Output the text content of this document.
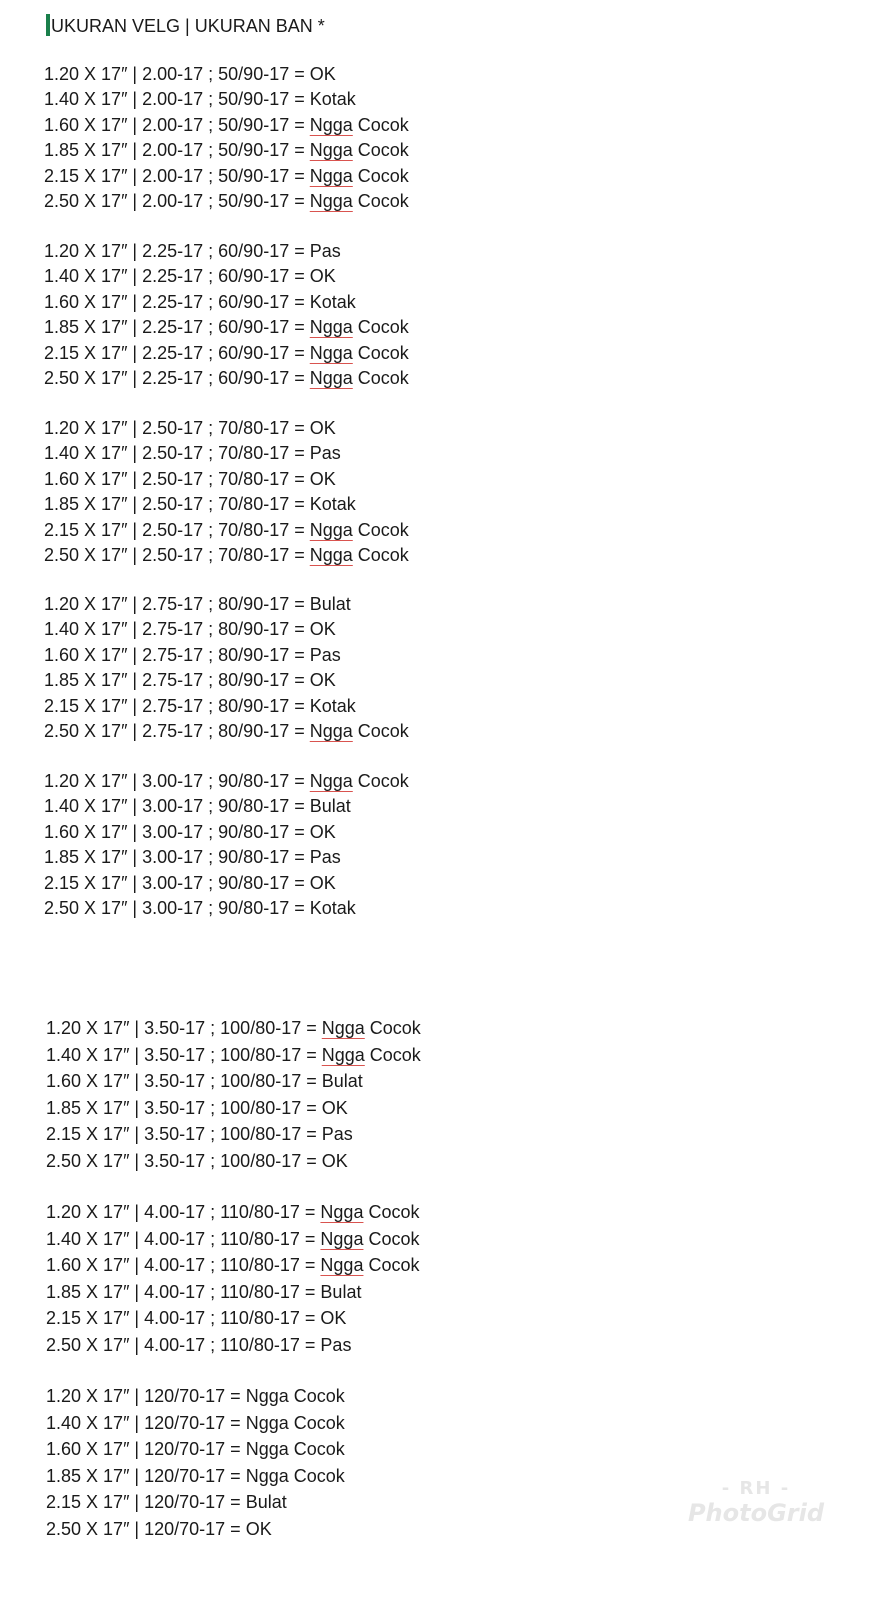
UKURAN VELG | UKURAN BAN *
1.20 X 17″ | 2.00-17 ; 50/90-17 = OK
1.40 X 17″ | 2.00-17 ; 50/90-17 = Kotak
1.60 X 17″ | 2.00-17 ; 50/90-17 = Ngga Cocok
1.85 X 17″ | 2.00-17 ; 50/90-17 = Ngga Cocok
2.15 X 17″ | 2.00-17 ; 50/90-17 = Ngga Cocok
2.50 X 17″ | 2.00-17 ; 50/90-17 = Ngga Cocok
1.20 X 17″ | 2.25-17 ; 60/90-17 = Pas
1.40 X 17″ | 2.25-17 ; 60/90-17 = OK
1.60 X 17″ | 2.25-17 ; 60/90-17 = Kotak
1.85 X 17″ | 2.25-17 ; 60/90-17 = Ngga Cocok
2.15 X 17″ | 2.25-17 ; 60/90-17 = Ngga Cocok
2.50 X 17″ | 2.25-17 ; 60/90-17 = Ngga Cocok
1.20 X 17″ | 2.50-17 ; 70/80-17 = OK
1.40 X 17″ | 2.50-17 ; 70/80-17 = Pas
1.60 X 17″ | 2.50-17 ; 70/80-17 = OK
1.85 X 17″ | 2.50-17 ; 70/80-17 = Kotak
2.15 X 17″ | 2.50-17 ; 70/80-17 = Ngga Cocok
2.50 X 17″ | 2.50-17 ; 70/80-17 = Ngga Cocok
1.20 X 17″ | 2.75-17 ; 80/90-17 = Bulat
1.40 X 17″ | 2.75-17 ; 80/90-17 = OK
1.60 X 17″ | 2.75-17 ; 80/90-17 = Pas
1.85 X 17″ | 2.75-17 ; 80/90-17 = OK
2.15 X 17″ | 2.75-17 ; 80/90-17 = Kotak
2.50 X 17″ | 2.75-17 ; 80/90-17 = Ngga Cocok
1.20 X 17″ | 3.00-17 ; 90/80-17 = Ngga Cocok
1.40 X 17″ | 3.00-17 ; 90/80-17 = Bulat
1.60 X 17″ | 3.00-17 ; 90/80-17 = OK
1.85 X 17″ | 3.00-17 ; 90/80-17 = Pas
2.15 X 17″ | 3.00-17 ; 90/80-17 = OK
2.50 X 17″ | 3.00-17 ; 90/80-17 = Kotak
1.20 X 17″ | 3.50-17 ; 100/80-17 = Ngga Cocok
1.40 X 17″ | 3.50-17 ; 100/80-17 = Ngga Cocok
1.60 X 17″ | 3.50-17 ; 100/80-17 = Bulat
1.85 X 17″ | 3.50-17 ; 100/80-17 = OK
2.15 X 17″ | 3.50-17 ; 100/80-17 = Pas
2.50 X 17″ | 3.50-17 ; 100/80-17 = OK
1.20 X 17″ | 4.00-17 ; 110/80-17 = Ngga Cocok
1.40 X 17″ | 4.00-17 ; 110/80-17 = Ngga Cocok
1.60 X 17″ | 4.00-17 ; 110/80-17 = Ngga Cocok
1.85 X 17″ | 4.00-17 ; 110/80-17 = Bulat
2.15 X 17″ | 4.00-17 ; 110/80-17 = OK
2.50 X 17″ | 4.00-17 ; 110/80-17 = Pas
1.20 X 17″ | 120/70-17 = Ngga Cocok
1.40 X 17″ | 120/70-17 = Ngga Cocok
1.60 X 17″ | 120/70-17 = Ngga Cocok
1.85 X 17″ | 120/70-17 = Ngga Cocok
2.15 X 17″ | 120/70-17 = Bulat
2.50 X 17″ | 120/70-17 = OK
- RH -
PhotoGrid
